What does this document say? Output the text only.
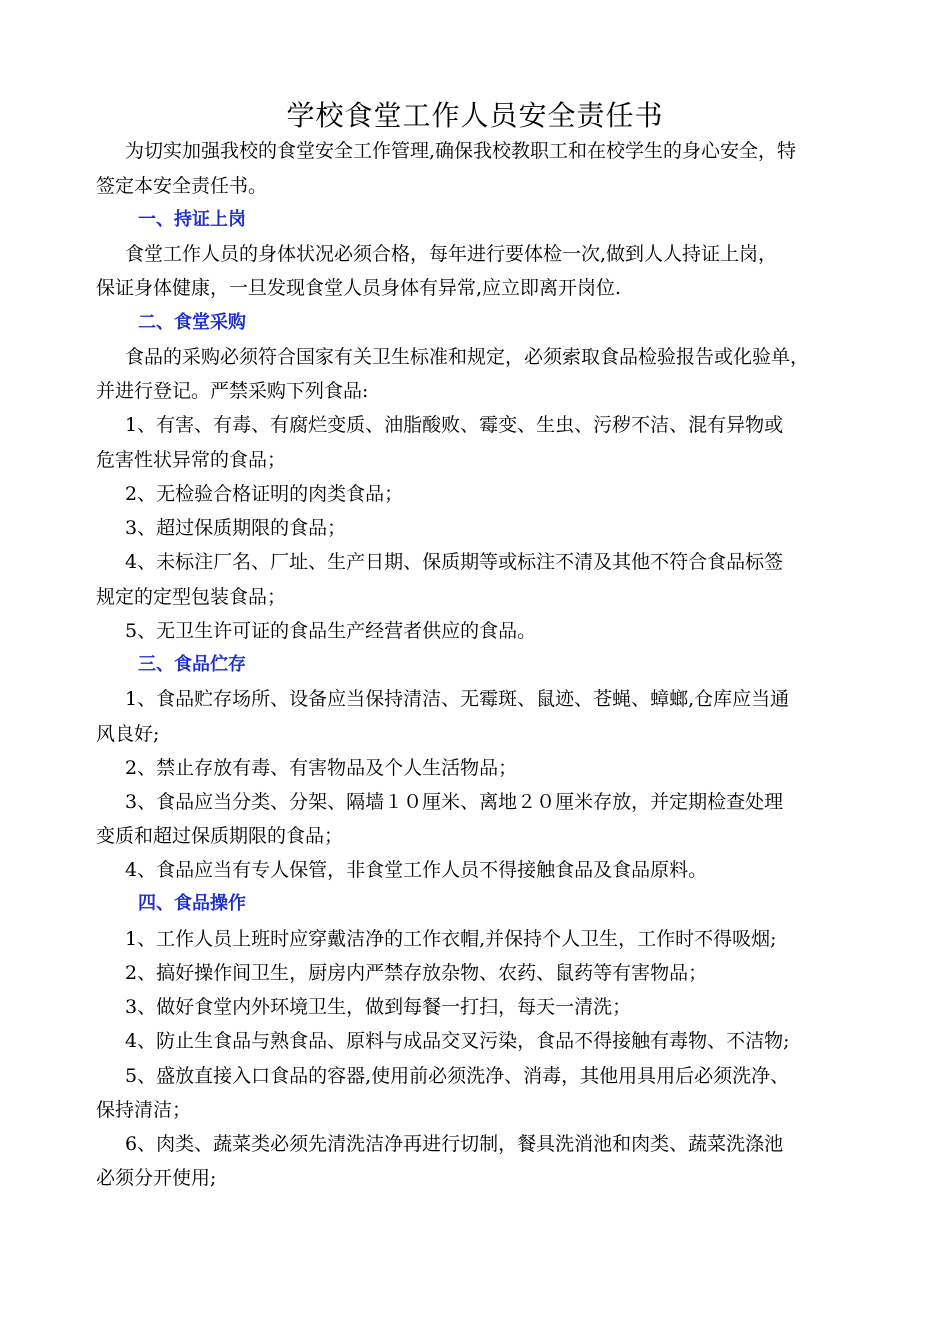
学校食堂工作人员安全责任书
为切实加强我校的食堂安全工作管理,确保我校教职工和在校学生的身心安全，特
签定本安全责任书。
一、持证上岗
食堂工作人员的身体状况必须合格，每年进行要体检一次,做到人人持证上岗，
保证身体健康，一旦发现食堂人员身体有异常,应立即离开岗位.
二、食堂采购
食品的采购必须符合国家有关卫生标准和规定，必须索取食品检验报告或化验单，
并进行登记。严禁采购下列食品:
1、有害、有毒、有腐烂变质、油脂酸败、霉变、生虫、污秽不洁、混有异物或
危害性状异常的食品；
2、无检验合格证明的肉类食品；
3、超过保质期限的食品；
4、未标注厂名、厂址、生产日期、保质期等或标注不清及其他不符合食品标签
规定的定型包装食品；
5、无卫生许可证的食品生产经营者供应的食品。
三、食品伫存
1、食品贮存场所、设备应当保持清洁、无霉斑、鼠迹、苍蝇、蟑螂,仓库应当通
风良好;
2、禁止存放有毒、有害物品及个人生活物品；
3、食品应当分类、分架、隔墙１０厘米、离地２０厘米存放，并定期检查处理
变质和超过保质期限的食品；
4、食品应当有专人保管，非食堂工作人员不得接触食品及食品原料。
四、食品操作
1、工作人员上班时应穿戴洁净的工作衣帽,并保持个人卫生，工作时不得吸烟;
2、搞好操作间卫生，厨房内严禁存放杂物、农药、鼠药等有害物品；
3、做好食堂内外环境卫生，做到每餐一打扫，每天一清洗；
4、防止生食品与熟食品、原料与成品交叉污染，食品不得接触有毒物、不洁物;
5、盛放直接入口食品的容器,使用前必须洗净、消毒，其他用具用后必须洗净、
保持清洁；
6、肉类、蔬菜类必须先清洗洁净再进行切制，餐具洗消池和肉类、蔬菜洗涤池
必须分开使用;
